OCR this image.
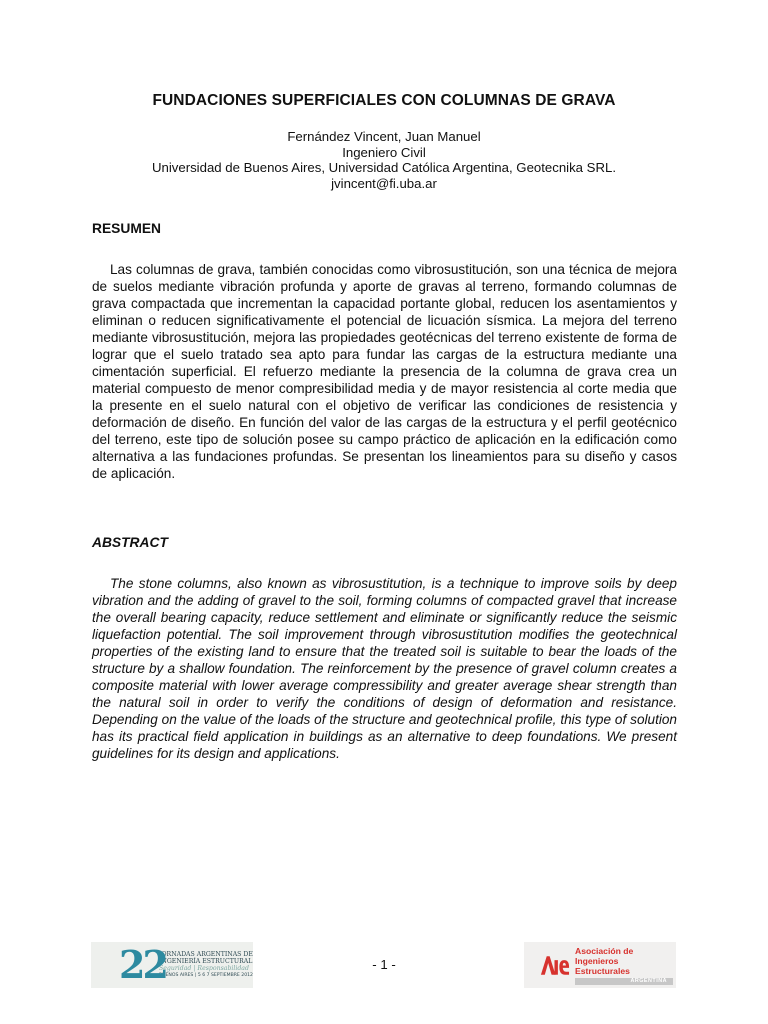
FUNDACIONES SUPERFICIALES CON COLUMNAS DE GRAVA
Fernández Vincent, Juan Manuel
Ingeniero Civil
Universidad de Buenos Aires, Universidad Católica Argentina, Geotecnika SRL.
jvincent@fi.uba.ar
RESUMEN

Las columnas de grava, también conocidas como vibrosustitución, son una técnica de mejora de suelos mediante vibración profunda y aporte de gravas al terreno, formando columnas de grava compactada que incrementan la capacidad portante global, reducen los asentamientos y eliminan o reducen significativamente el potencial de licuación sísmica. La mejora del terreno mediante vibrosustitución, mejora las propiedades geotécnicas del terreno existente de forma de lograr que el suelo tratado sea apto para fundar las cargas de la estructura mediante una cimentación superficial. El refuerzo mediante la presencia de la columna de grava crea un material compuesto de menor compresibilidad media y de mayor resistencia al corte media que la presente en el suelo natural con el objetivo de verificar las condiciones de resistencia y deformación de diseño. En función del valor de las cargas de la estructura y el perfil geotécnico del terreno, este tipo de solución posee su campo práctico de aplicación en la edificación como alternativa a las fundaciones profundas. Se presentan los lineamientos para su diseño y casos de aplicación.

ABSTRACT

The stone columns, also known as vibrosustitution, is a technique to improve soils by deep vibration and the adding of gravel to the soil, forming columns of compacted gravel that increase the overall bearing capacity, reduce settlement and eliminate or significantly reduce the seismic liquefaction potential. The soil improvement through vibrosustitution modifies the geotechnical properties of the existing land to ensure that the treated soil is suitable to bear the loads of the structure by a shallow foundation. The reinforcement by the presence of gravel column creates a composite material with lower average compressibility and greater average shear strength than the natural soil in order to verify the conditions of design of deformation and resistance. Depending on the value of the loads of the structure and geotechnical profile, this type of solution has its practical field application in buildings as an alternative to deep foundations. We present guidelines for its design and applications.

22
JORNADAS ARGENTINAS DE
INGENIERÍA ESTRUCTURAL
Seguridad | Responsabilidad
BUENOS AIRES | 5 6 7 SEPTIEMBRE 2012
- 1 -
Asociación de Ingenieros
Estructurales
ARGENTINA
